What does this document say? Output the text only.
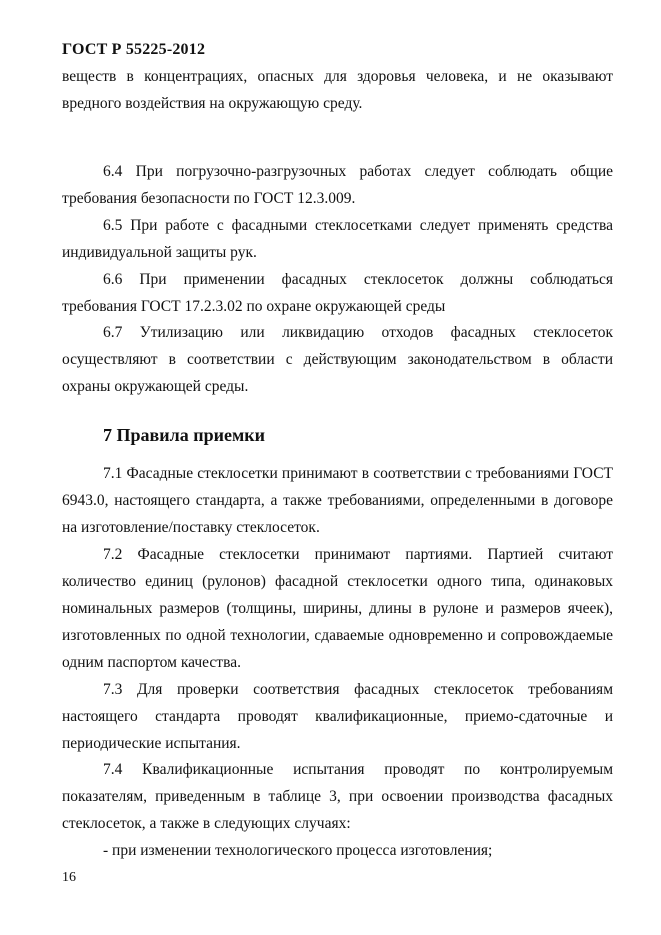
ГОСТ Р 55225-2012

веществ в концентрациях, опасных для здоровья человека, и не оказывают вредного воздействия на окружающую среду.

6.4 При погрузочно-разгрузочных работах следует соблюдать общие требования безопасности по ГОСТ 12.3.009.

6.5 При работе с фасадными стеклосетками следует применять средства индивидуальной защиты рук.

6.6 При применении фасадных стеклосеток должны соблюдаться требования ГОСТ 17.2.3.02 по охране окружающей среды

6.7 Утилизацию или ликвидацию отходов фасадных стеклосеток осуществляют в соответствии с действующим законодательством в области охраны окружающей среды.

7 Правила приемки

7.1 Фасадные стеклосетки принимают в соответствии с требованиями ГОСТ 6943.0, настоящего стандарта, а также требованиями, определенными в договоре на изготовление/поставку стеклосеток.

7.2 Фасадные стеклосетки принимают партиями. Партией считают количество единиц (рулонов) фасадной стеклосетки одного типа, одинаковых номинальных размеров (толщины, ширины, длины в рулоне и размеров ячеек), изготовленных по одной технологии, сдаваемые одновременно и сопровождаемые одним паспортом качества.

7.3 Для проверки соответствия фасадных стеклосеток требованиям настоящего стандарта проводят квалификационные, приемо-сдаточные и периодические испытания.

7.4 Квалификационные испытания проводят по контролируемым показателям, приведенным в таблице 3, при освоении производства фасадных стеклосеток, а также в следующих случаях:

- при изменении технологического процесса изготовления;

16
